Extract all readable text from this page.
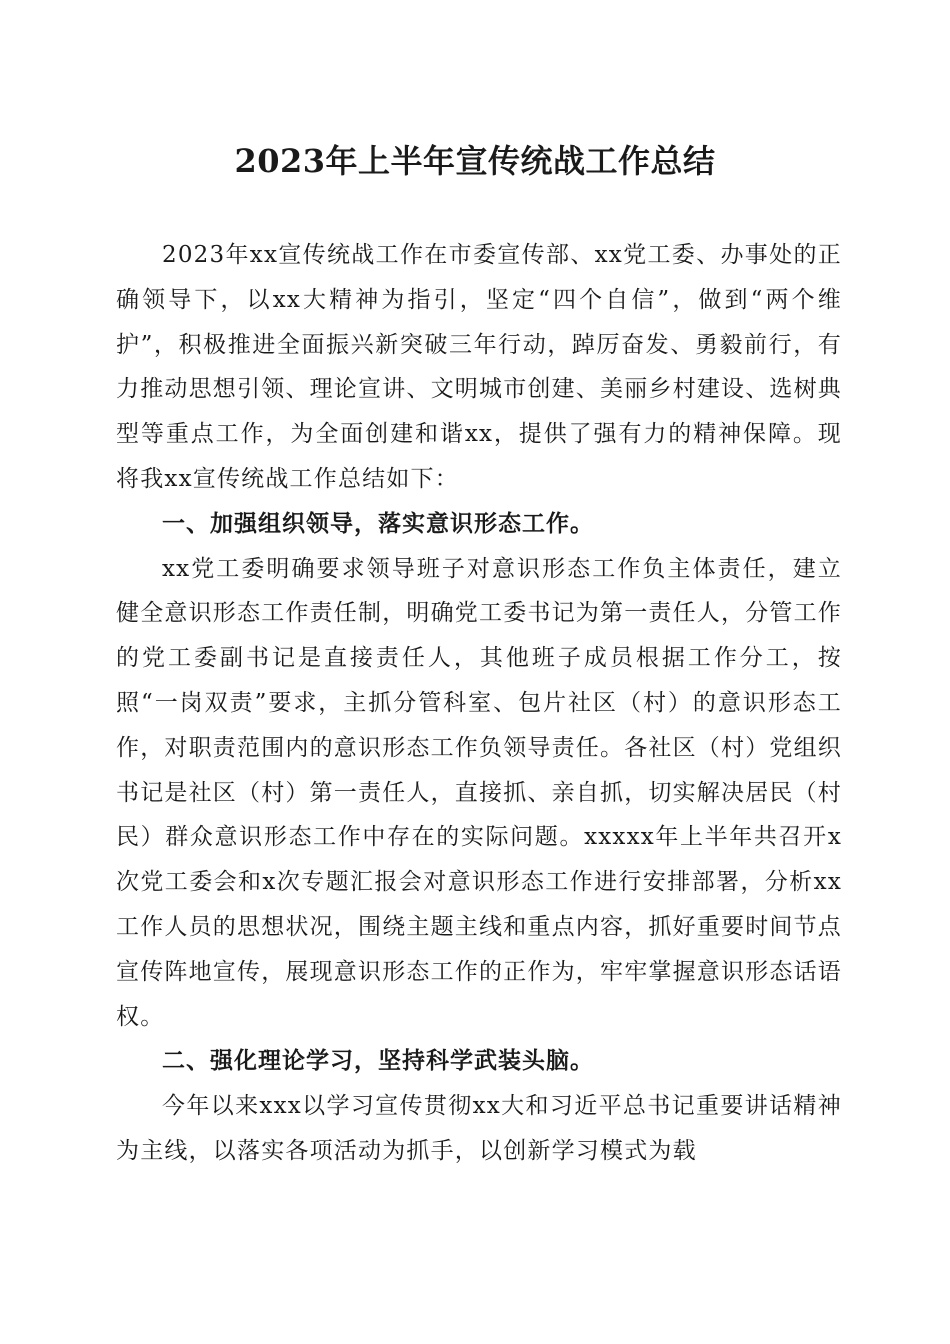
2023年上半年宣传统战工作总结

2023年xx宣传统战工作在市委宣传部、xx党工委、办事处的正确领导下，以xx大精神为指引，坚定“四个自信”，做到“两个维护”，积极推进全面振兴新突破三年行动，踔厉奋发、勇毅前行，有力推动思想引领、理论宣讲、文明城市创建、美丽乡村建设、选树典型等重点工作，为全面创建和谐xx，提供了强有力的精神保障。现将我xx宣传统战工作总结如下：

一、加强组织领导，落实意识形态工作。

xx党工委明确要求领导班子对意识形态工作负主体责任，建立健全意识形态工作责任制，明确党工委书记为第一责任人，分管工作的党工委副书记是直接责任人，其他班子成员根据工作分工，按照“一岗双责”要求，主抓分管科室、包片社区（村）的意识形态工作，对职责范围内的意识形态工作负领导责任。各社区（村）党组织书记是社区（村）第一责任人，直接抓、亲自抓，切实解决居民（村民）群众意识形态工作中存在的实际问题。xxxxx年上半年共召开x次党工委会和x次专题汇报会对意识形态工作进行安排部署，分析xx工作人员的思想状况，围绕主题主线和重点内容，抓好重要时间节点宣传阵地宣传，展现意识形态工作的正作为，牢牢掌握意识形态话语权。

二、强化理论学习，坚持科学武装头脑。

今年以来xxx以学习宣传贯彻xx大和习近平总书记重要讲话精神为主线，以落实各项活动为抓手，以创新学习模式为载
